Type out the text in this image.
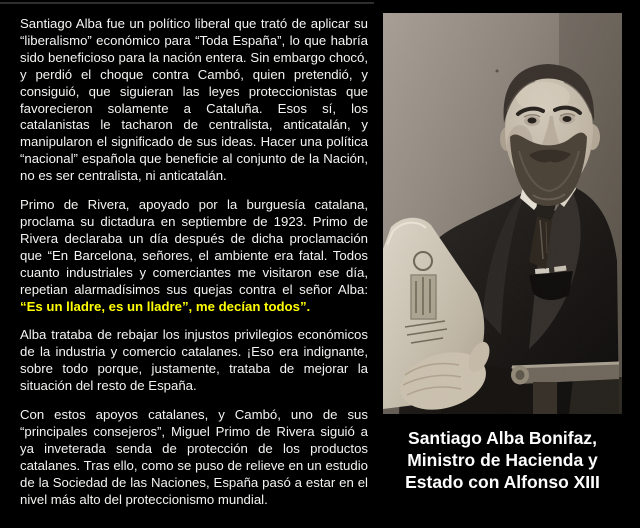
Santiago Alba fue un político liberal que trató de aplicar su “liberalismo” económico para “Toda España”, lo que habría sido beneficioso para la nación entera. Sin embargo chocó, y perdió el choque contra Cambó, quien pretendió, y consiguió, que siguieran las leyes proteccionistas que favorecieron solamente a Cataluña. Esos sí, los catalanistas le tacharon de centralista, anticatalán, y manipularon el significado de sus ideas. Hacer una política “nacional” española que beneficie al conjunto de la Nación, no es ser centralista, ni anticatalán.

Primo de Rivera, apoyado por la burguesía catalana, proclama su dictadura en septiembre de 1923. Primo de Rivera declaraba un día después de dicha proclamación que “En Barcelona, señores, el ambiente era fatal. Todos cuanto industriales y comerciantes me visitaron ese día, repetian alarmadísimos sus quejas contra el señor Alba: “Es un lladre, es un lladre”, me decían todos”.

Alba trataba de rebajar los injustos privilegios económicos de la industria y comercio catalanes. ¡Eso era indignante, sobre todo porque, justamente, trataba de mejorar la situación del resto de España.

Con estos apoyos catalanes, y Cambó, uno de sus “principales consejeros”, Miguel Primo de Rivera siguió a ya inveterada senda de protección de los productos catalanes. Tras ello, como se puso de relieve en un estudio de la Sociedad de las Naciones, España pasó a estar en el nivel más alto del proteccionismo mundial.

Santiago Alba Bonifaz,
Ministro de Hacienda y
Estado con Alfonso XIII
